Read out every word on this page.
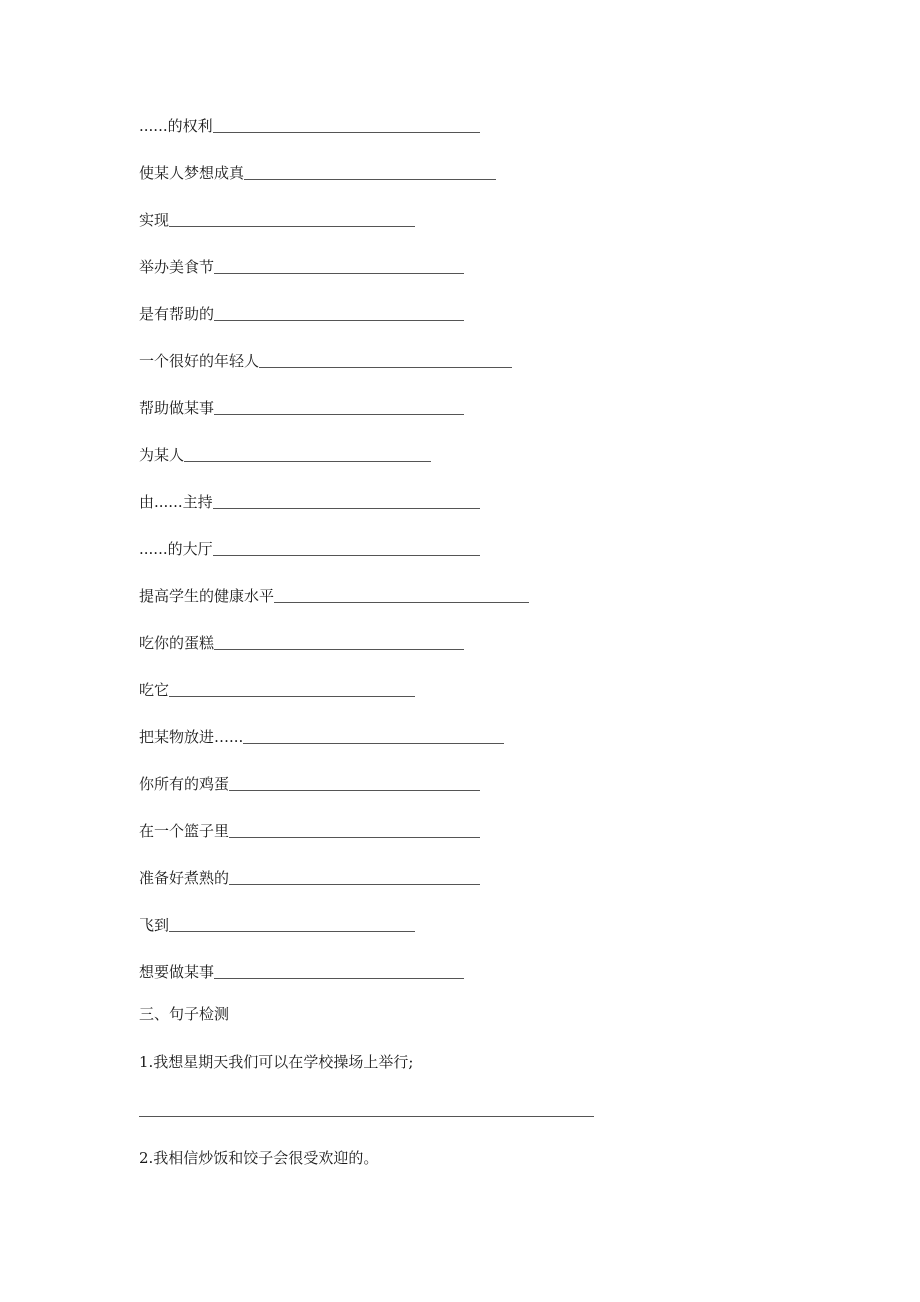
......的权利
使某人梦想成真
实现
举办美食节
是有帮助的
一个很好的年轻人
帮助做某事
为某人
由......主持
......的大厅
提高学生的健康水平
吃你的蛋糕
吃它
把某物放进…...
你所有的鸡蛋
在一个篮子里
准备好煮熟的
飞到
想要做某事
三、句子检测
1.我想星期天我们可以在学校操场上举行;
2.我相信炒饭和饺子会很受欢迎的。
